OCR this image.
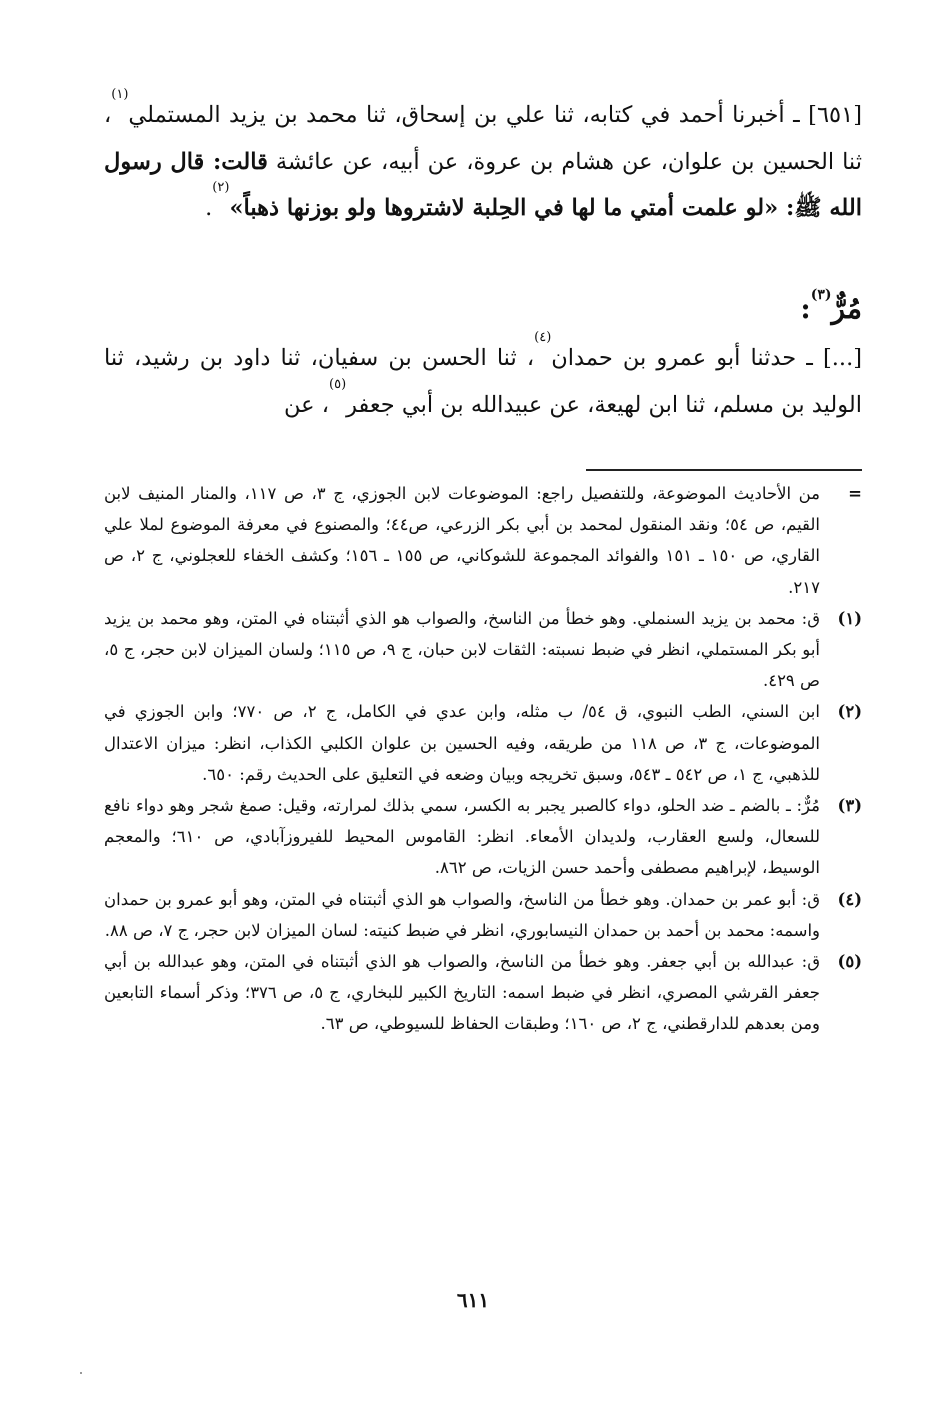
[٦٥١] ـ أخبرنا أحمد في كتابه، ثنا علي بن إسحاق، ثنا محمد بن يزيد المستملي$^{(١)}$، ثنا الحسين بن علوان، عن هشام بن عروة، عن أبيه، عن عائشة قالت: قال رسول الله ﷺ: «لو علمت أمتي ما لها في الحِلبة لاشتروها ولو بوزنها ذهباً»$^{(٢)}$.

مُرٌّ$^{(٣)}$:

[...] ـ حدثنا أبو عمرو بن حمدان$^{(٤)}$، ثنا الحسن بن سفيان، ثنا داود بن رشيد، ثنا الوليد بن مسلم، ثنا ابن لهيعة، عن عبيدالله بن أبي جعفر$^{(٥)}$، عن

=
من الأحاديث الموضوعة، وللتفصيل راجع: الموضوعات لابن الجوزي، ج ٣، ص ١١٧، والمنار المنيف لابن القيم، ص ٥٤؛ ونقد المنقول لمحمد بن أبي بكر الزرعي، ص٤٤؛ والمصنوع في معرفة الموضوع لملا علي القاري، ص ١٥٠ ـ ١٥١ والفوائد المجموعة للشوكاني، ص ١٥٥ ـ ١٥٦؛ وكشف الخفاء للعجلوني، ج ٢، ص ٢١٧.
(١)
ق: محمد بن يزيد السنملي. وهو خطأ من الناسخ، والصواب هو الذي أثبتناه في المتن، وهو محمد بن يزيد أبو بكر المستملي، انظر في ضبط نسبته: الثقات لابن حبان، ج ٩، ص ١١٥؛ ولسان الميزان لابن حجر، ج ٥، ص ٤٢٩.
(٢)
ابن السني، الطب النبوي، ق ٥٤/ ب مثله، وابن عدي في الكامل، ج ٢، ص ٧٧٠؛ وابن الجوزي في الموضوعات، ج ٣، ص ١١٨ من طريقه، وفيه الحسين بن علوان الكلبي الكذاب، انظر: ميزان الاعتدال للذهبي، ج ١، ص ٥٤٢ ـ ٥٤٣، وسبق تخريجه وبيان وضعه في التعليق على الحديث رقم: ٦٥٠.
(٣)
مُرٌّ: ـ بالضم ـ ضد الحلو، دواء كالصبر يجبر به الكسر، سمي بذلك لمرارته، وقيل: صمغ شجر وهو دواء نافع للسعال، ولسع العقارب، ولديدان الأمعاء. انظر: القاموس المحيط للفيروزآبادي، ص ٦١٠؛ والمعجم الوسيط، لإبراهيم مصطفى وأحمد حسن الزيات، ص ٨٦٢.
(٤)
ق: أبو عمر بن حمدان. وهو خطأ من الناسخ، والصواب هو الذي أثبتناه في المتن، وهو أبو عمرو بن حمدان واسمه: محمد بن أحمد بن حمدان النيسابوري، انظر في ضبط كنيته: لسان الميزان لابن حجر، ج ٧، ص ٨٨.
(٥)
ق: عبدالله بن أبي جعفر. وهو خطأ من الناسخ، والصواب هو الذي أثبتناه في المتن، وهو عبدالله بن أبي جعفر القرشي المصري، انظر في ضبط اسمه: التاريخ الكبير للبخاري، ج ٥، ص ٣٧٦؛ وذكر أسماء التابعين ومن بعدهم للدارقطني، ج ٢، ص ١٦٠؛ وطبقات الحفاظ للسيوطي، ص ٦٣.
٦١١
